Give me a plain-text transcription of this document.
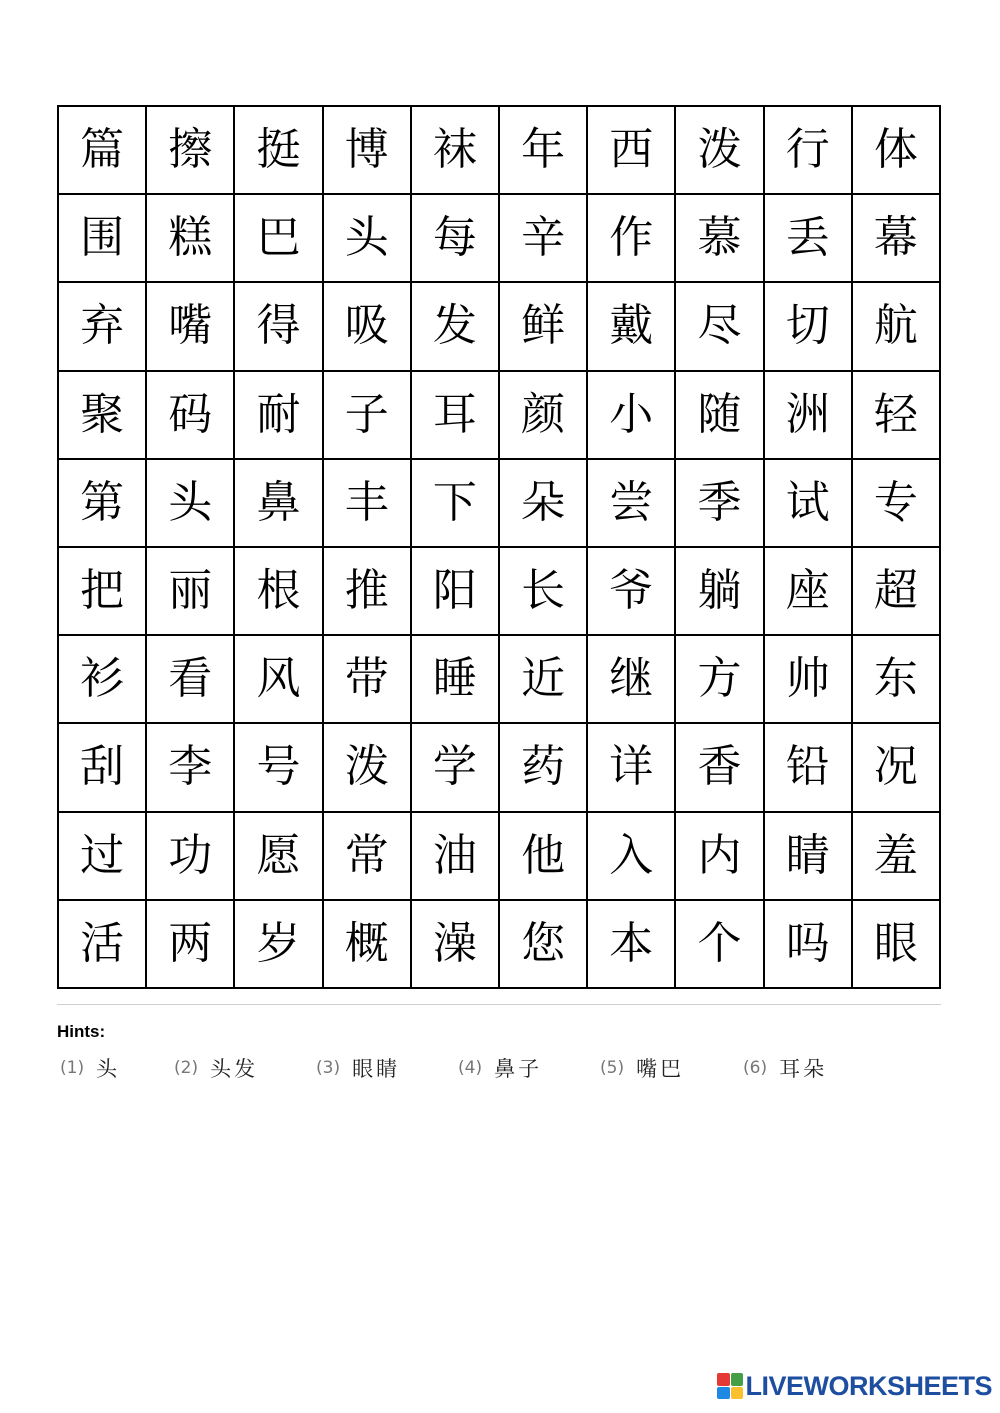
篇	擦	挺	博	袜	年	西	泼	行	体
围	糕	巴	头	每	辛	作	慕	丢	幕
弃	嘴	得	吸	发	鲜	戴	尽	切	航
聚	码	耐	子	耳	颜	小	随	洲	轻
第	头	鼻	丰	下	朵	尝	季	试	专
把	丽	根	推	阳	长	爷	躺	座	超
衫	看	风	带	睡	近	继	方	帅	东
刮	李	号	泼	学	药	详	香	铅	况
过	功	愿	常	油	他	入	内	睛	羞
活	两	岁	概	澡	您	本	个	吗	眼
Hints:
(1) 头	(2) 头发	(3) 眼睛	(4) 鼻子	(5) 嘴巴	(6) 耳朵
LIVEWORKSHEETS
